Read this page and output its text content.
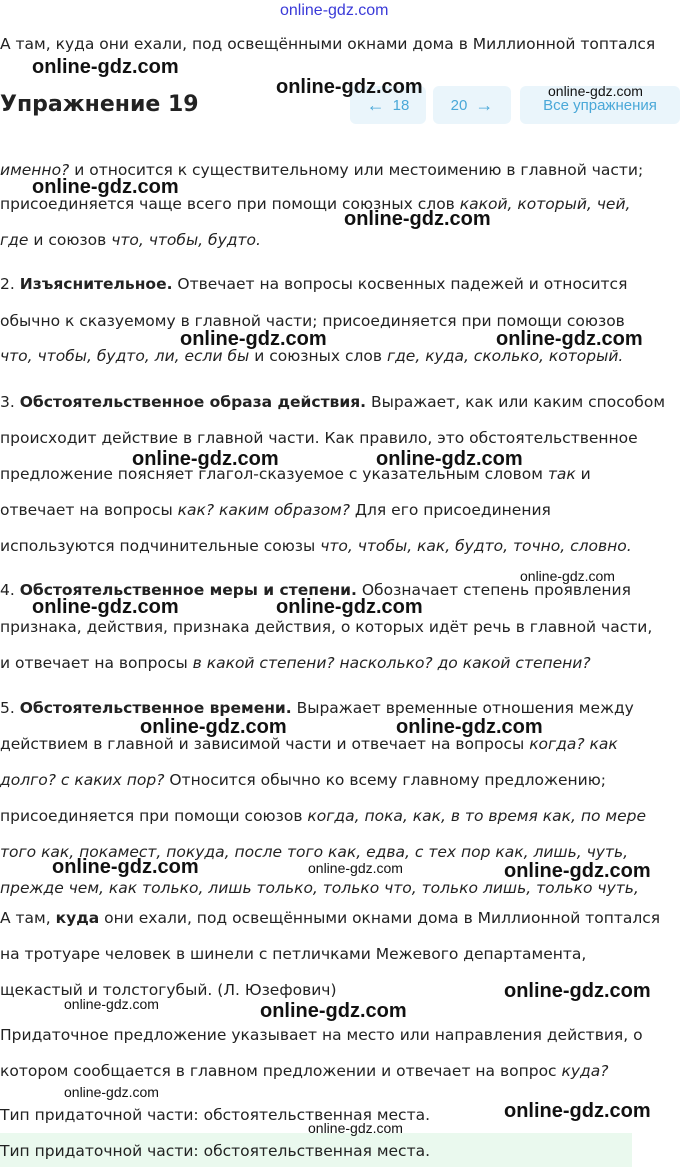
online-gdz.com
А там, куда они ехали, под освещёнными окнами дома в Миллионной топтался
Упражнение 19	← 18	20 →	Все упражнения
именно? и относится к существительному или местоимению в главной части;
присоединяется чаще всего при помощи союзных слов какой, который, чей,
где и союзов что, чтобы, будто.
2. Изъяснительное. Отвечает на вопросы косвенных падежей и относится
обычно к сказуемому в главной части; присоединяется при помощи союзов
что, чтобы, будто, ли, если бы и союзных слов где, куда, сколько, который.
3. Обстоятельственное образа действия. Выражает, как или каким способом
происходит действие в главной части. Как правило, это обстоятельственное
предложение поясняет глагол-сказуемое с указательным словом так и
отвечает на вопросы как? каким образом? Для его присоединения
используются подчинительные союзы что, чтобы, как, будто, точно, словно.
4. Обстоятельственное меры и степени. Обозначает степень проявления
признака, действия, признака действия, о которых идёт речь в главной части,
и отвечает на вопросы в какой степени? насколько? до какой степени?
5. Обстоятельственное времени. Выражает временные отношения между
действием в главной и зависимой части и отвечает на вопросы когда? как
долго? с каких пор? Относится обычно ко всему главному предложению;
присоединяется при помощи союзов когда, пока, как, в то время как, по мере
того как, покамест, покуда, после того как, едва, с тех пор как, лишь, чуть,
прежде чем, как только, лишь только, только что, только лишь, только чуть,
А там, куда они ехали, под освещёнными окнами дома в Миллионной топтался
на тротуаре человек в шинели с петличками Межевого департамента,
щекастый и толстогубый. (Л. Юзефович)
Придаточное предложение указывает на место или направления действия, о
котором сообщается в главном предложении и отвечает на вопрос куда?
Тип придаточной части: обстоятельственная места.
Тип придаточной части: обстоятельственная места.
online-gdz.com
online-gdz.com	online-gdz.com
online-gdz.com
online-gdz.com
online-gdz.com	online-gdz.com
online-gdz.com	online-gdz.com
online-gdz.com
online-gdz.com	online-gdz.com
online-gdz.com	online-gdz.com
online-gdz.com	online-gdz.com	online-gdz.com
online-gdz.com
online-gdz.com	online-gdz.com
online-gdz.com
online-gdz.com
online-gdz.com
